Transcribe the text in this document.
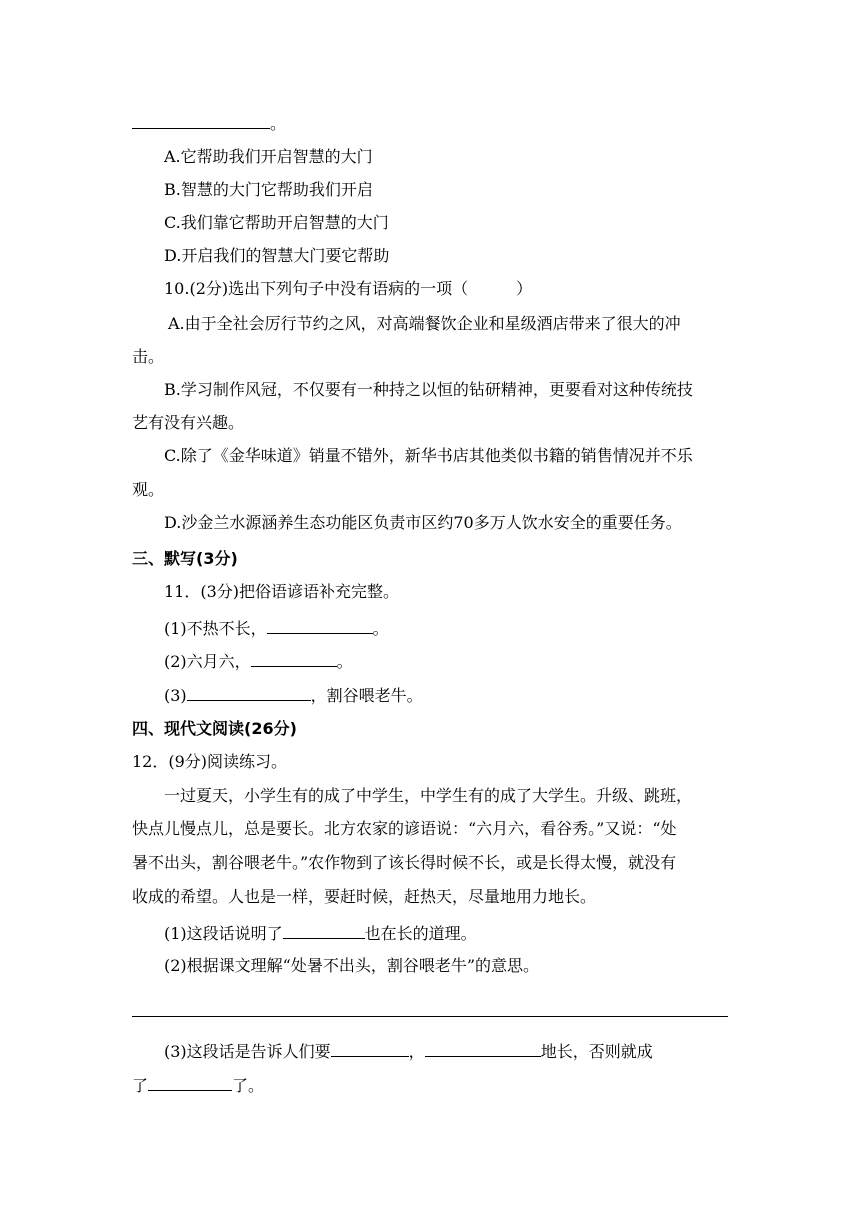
。
A.它帮助我们开启智慧的大门
B.智慧的大门它帮助我们开启
C.我们靠它帮助开启智慧的大门
D.开启我们的智慧大门要它帮助
10.(2分)选出下列句子中没有语病的一项（　　　）
A.由于全社会厉行节约之风，对高端餐饮企业和星级酒店带来了很大的冲
击。
B.学习制作风冠，不仅要有一种持之以恒的钻研精神，更要看对这种传统技
艺有没有兴趣。
C.除了《金华味道》销量不错外，新华书店其他类似书籍的销售情况并不乐
观。
D.沙金兰水源涵养生态功能区负责市区约70多万人饮水安全的重要任务。
三、默写(3分)
11．(3分)把俗语谚语补充完整。
(1)不热不长，	。
(2)六月六，	。
(3)	，割谷喂老牛。
四、现代文阅读(26分)
12．(9分)阅读练习。
一过夏天，小学生有的成了中学生，中学生有的成了大学生。升级、跳班，
快点儿慢点儿，总是要长。北方农家的谚语说：“六月六，看谷秀。”又说：“处
暑不出头，割谷喂老牛。”农作物到了该长得时候不长，或是长得太慢，就没有
收成的希望。人也是一样，要赶时候，赶热天，尽量地用力地长。
(1)这段话说明了	也在长的道理。
(2)根据课文理解“处暑不出头，割谷喂老牛”的意思。
(3)这段话是告诉人们要	，	地长，否则就成
了	了。
